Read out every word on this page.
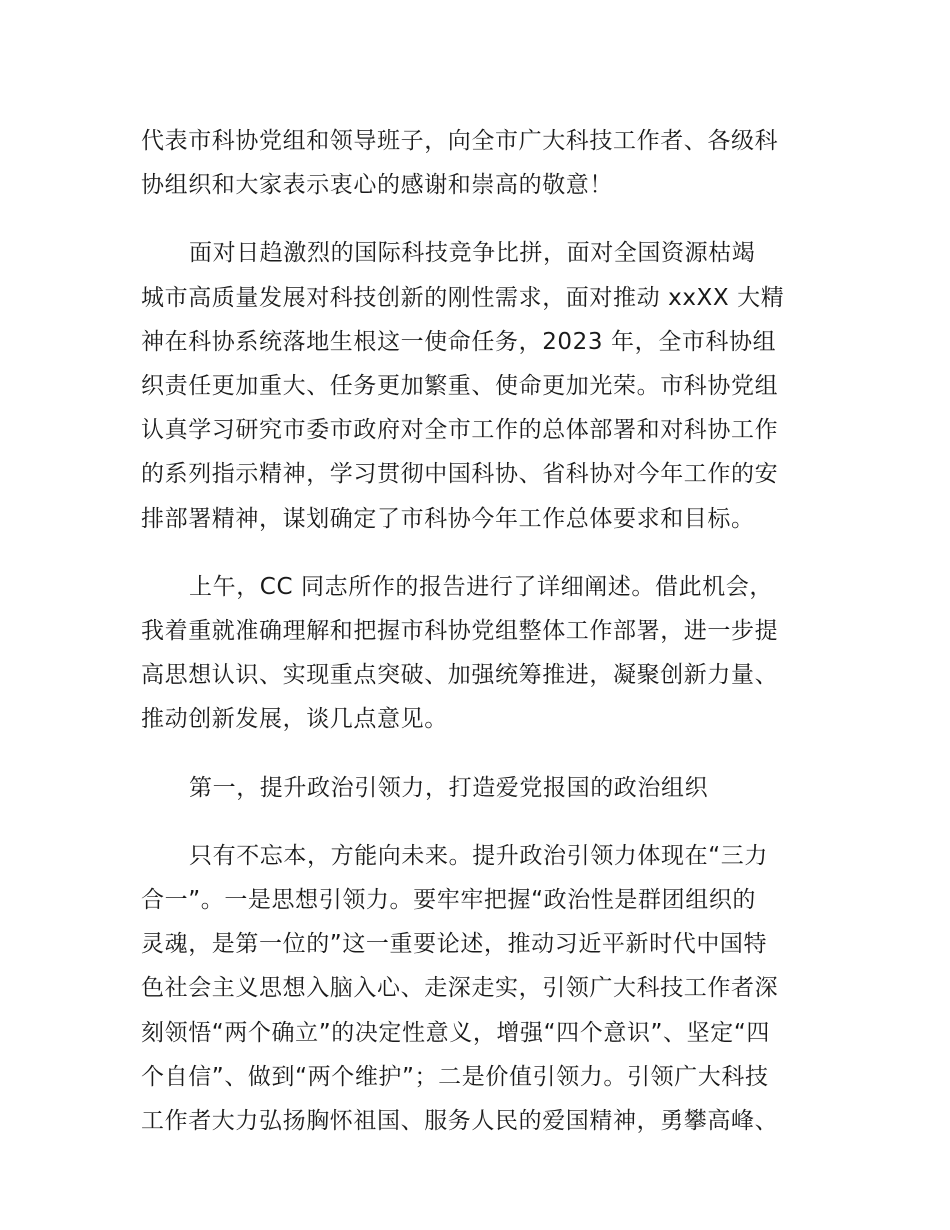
代表市科协党组和领导班子，向全市广大科技工作者、各级科
协组织和大家表示衷心的感谢和崇高的敬意！

面对日趋激烈的国际科技竞争比拼，面对全国资源枯竭
城市高质量发展对科技创新的刚性需求，面对推动 xxXX 大精
神在科协系统落地生根这一使命任务，2023 年，全市科协组
织责任更加重大、任务更加繁重、使命更加光荣。市科协党组
认真学习研究市委市政府对全市工作的总体部署和对科协工作
的系列指示精神，学习贯彻中国科协、省科协对今年工作的安
排部署精神，谋划确定了市科协今年工作总体要求和目标。

上午，CC 同志所作的报告进行了详细阐述。借此机会，
我着重就准确理解和把握市科协党组整体工作部署，进一步提
高思想认识、实现重点突破、加强统筹推进，凝聚创新力量、
推动创新发展，谈几点意见。

第一，提升政治引领力，打造爱党报国的政治组织

只有不忘本，方能向未来。提升政治引领力体现在“三力
合一”。一是思想引领力。要牢牢把握“政治性是群团组织的
灵魂，是第一位的”这一重要论述，推动习近平新时代中国特
色社会主义思想入脑入心、走深走实，引领广大科技工作者深
刻领悟“两个确立”的决定性意义，增强“四个意识”、坚定“四
个自信”、做到“两个维护”；二是价值引领力。引领广大科技
工作者大力弘扬胸怀祖国、服务人民的爱国精神，勇攀高峰、
